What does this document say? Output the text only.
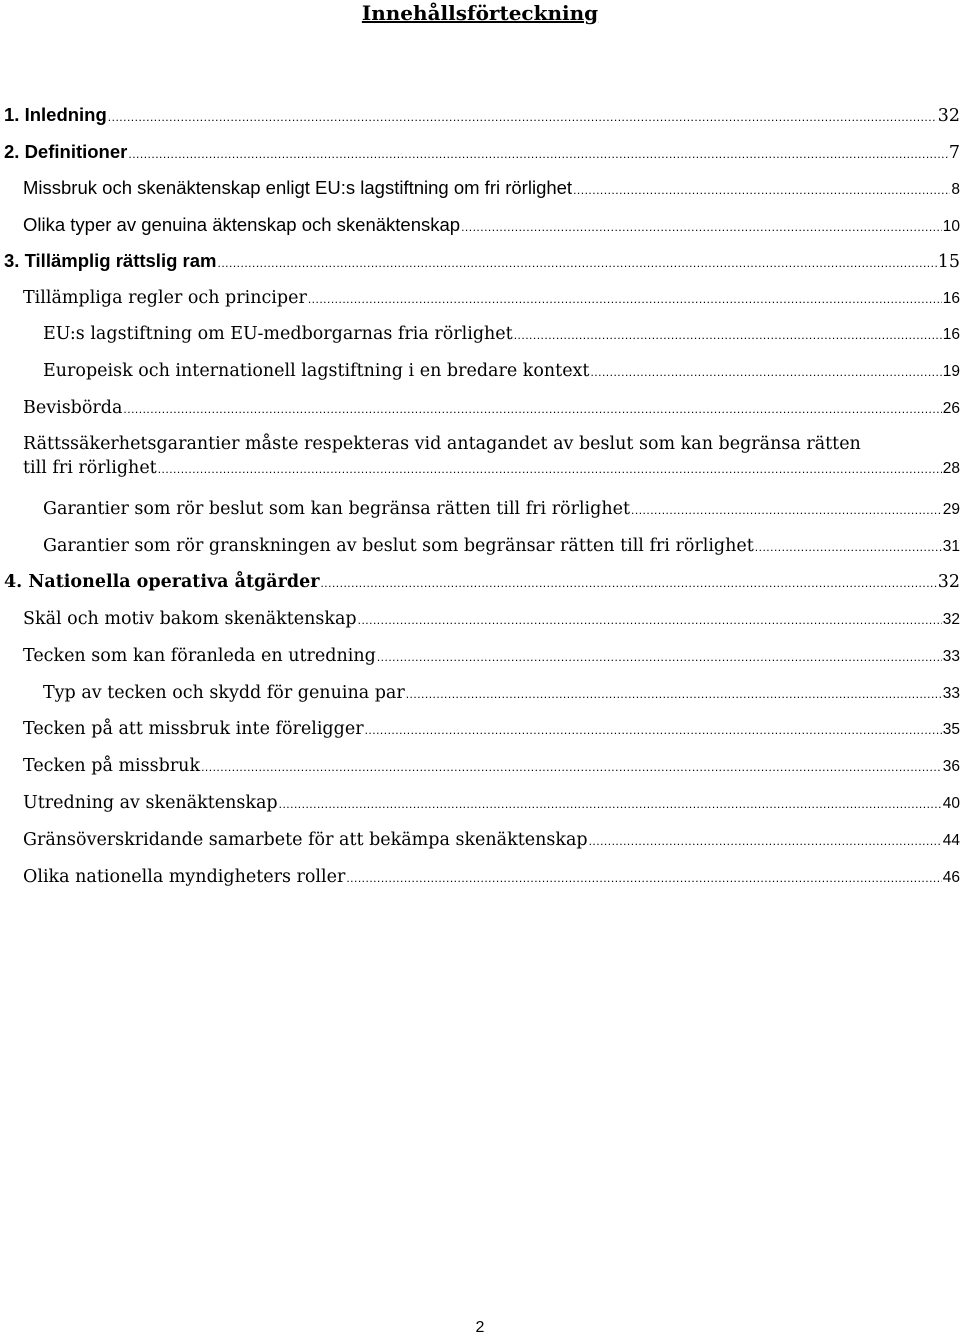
Innehållsförteckning
1. Inledning .....	32
2. Definitioner .....	7
Missbruk och skenäktenskap enligt EU:s lagstiftning om fri rörlighet .....	8
Olika typer av genuina äktenskap och skenäktenskap .....	10
3. Tillämplig rättslig ram .....	15
Tillämpliga regler och principer .....	16
EU:s lagstiftning om EU-medborgarnas fria rörlighet .....	16
Europeisk och internationell lagstiftning i en bredare kontext .....	19
Bevisbörda .....	26
Rättssäkerhetsgarantier måste respekteras vid antagandet av beslut som kan begränsa rätten
till fri rörlighet .....	28
Garantier som rör beslut som kan begränsa rätten till fri rörlighet .....	29
Garantier som rör granskningen av beslut som begränsar rätten till fri rörlighet .....	31
4. Nationella operativa åtgärder .....	32
Skäl och motiv bakom skenäktenskap .....	32
Tecken som kan föranleda en utredning .....	33
Typ av tecken och skydd för genuina par .....	33
Tecken på att missbruk inte föreligger .....	35
Tecken på missbruk .....	36
Utredning av skenäktenskap .....	40
Gränsöverskridande samarbete för att bekämpa skenäktenskap .....	44
Olika nationella myndigheters roller .....	46
2
